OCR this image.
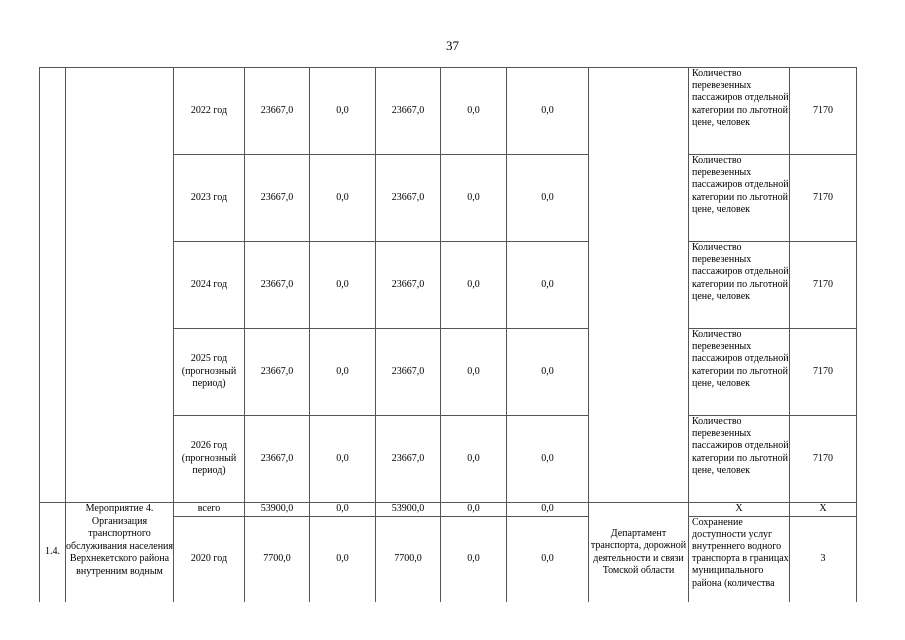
37
		2022 год	23667,0	0,0	23667,0	0,0	0,0		Количество перевезенных пассажиров отдельной категории по льготной цене, человек	7170
		2023 год	23667,0	0,0	23667,0	0,0	0,0		Количество перевезенных пассажиров отдельной категории по льготной цене, человек	7170
		2024 год	23667,0	0,0	23667,0	0,0	0,0		Количество перевезенных пассажиров отдельной категории по льготной цене, человек	7170
		2025 год (прогнозный период)	23667,0	0,0	23667,0	0,0	0,0		Количество перевезенных пассажиров отдельной категории по льготной цене, человек	7170
		2026 год (прогнозный период)	23667,0	0,0	23667,0	0,0	0,0		Количество перевезенных пассажиров отдельной категории по льготной цене, человек	7170
1.4.	Мероприятие 4. Организация транспортного обслуживания населения Верхнекетского района внутренним водным	всего	53900,0	0,0	53900,0	0,0	0,0	Департамент транспорта, дорожной деятельности и связи Томской области	Х	Х
		2020 год	7700,0	0,0	7700,0	0,0	0,0		Сохранение доступности услуг внутреннего водного транспорта в границах муниципального района (количества	3
